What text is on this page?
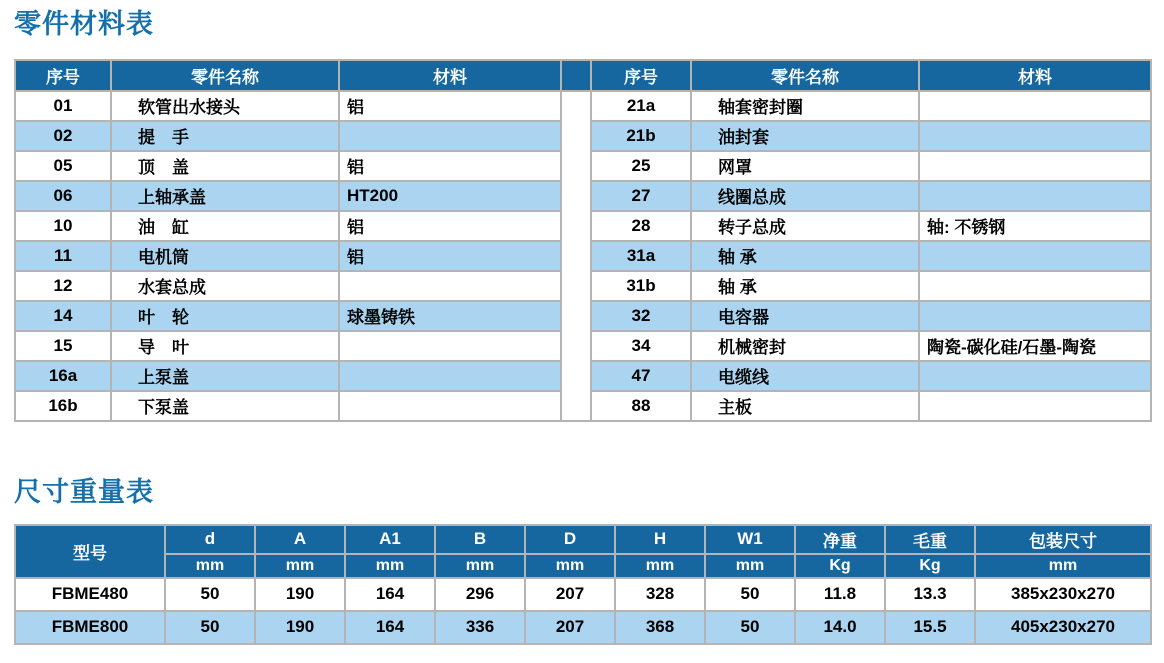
零件材料表
序号	零件名称	材料		序号	零件名称	材料
01	软管出水接头	铝		21a	轴套密封圈	
02	提　手			21b	油封套	
05	顶　盖	铝		25	网罩	
06	上轴承盖	HT200		27	线圈总成	
10	油　缸	铝		28	转子总成	轴: 不锈钢
11	电机筒	铝		31a	轴 承	
12	水套总成			31b	轴 承	
14	叶　轮	球墨铸铁		32	电容器	
15	导　叶			34	机械密封	陶瓷-碳化硅/石墨-陶瓷
16a	上泵盖			47	电缆线	
16b	下泵盖			88	主板	
尺寸重量表
型号	d	A	A1	B	D	H	W1	净重	毛重	包装尺寸
	mm	mm	mm	mm	mm	mm	mm	Kg	Kg	mm
FBME480	50	190	164	296	207	328	50	11.8	13.3	385x230x270
FBME800	50	190	164	336	207	368	50	14.0	15.5	405x230x270
